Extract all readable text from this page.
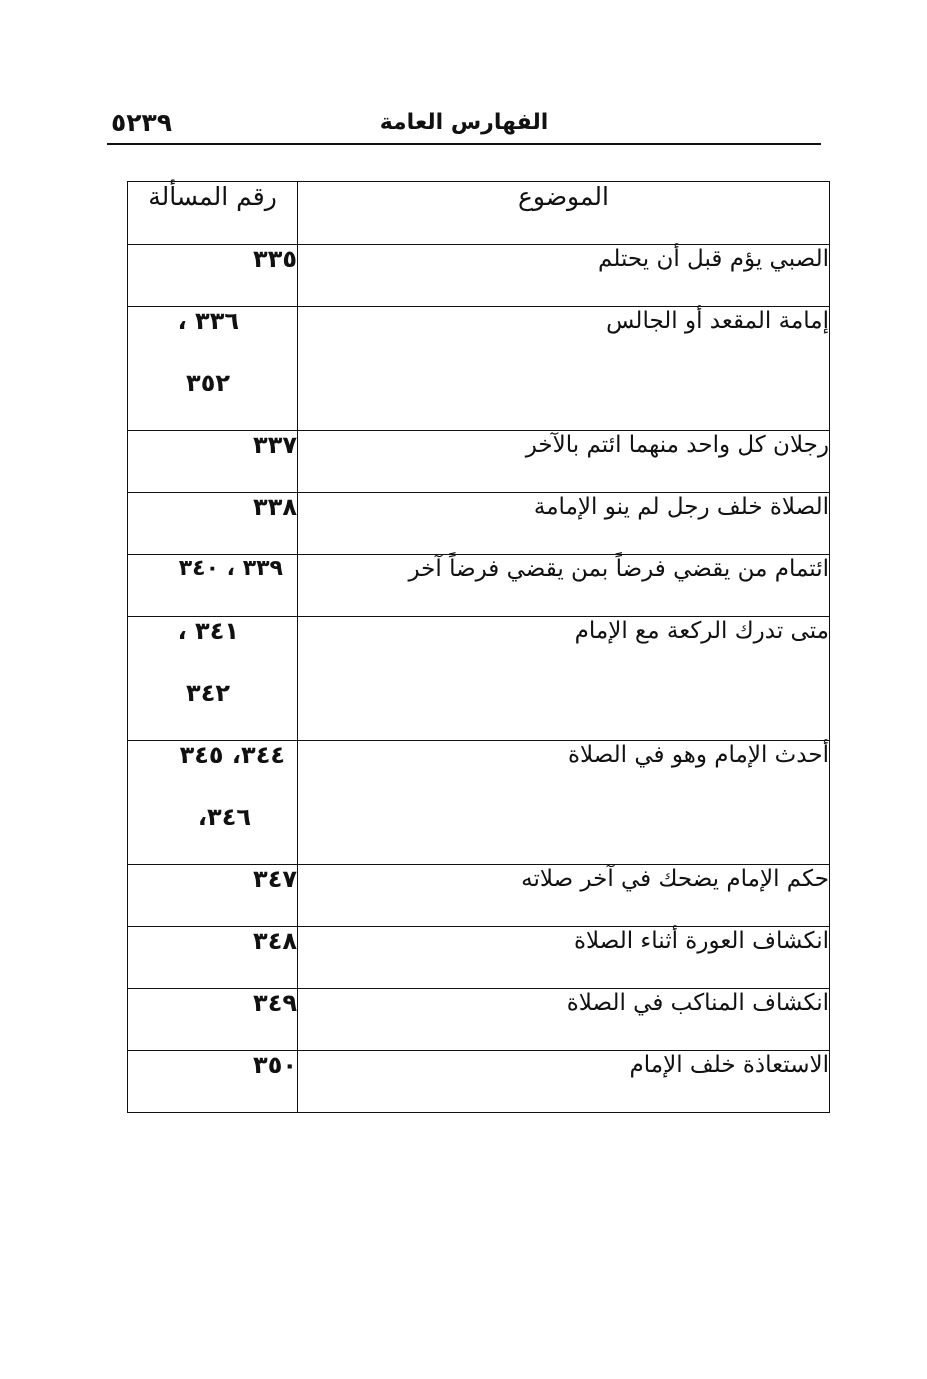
٥٢٣٩	الفهارس العامة
الموضوع	رقم المسألة
الصبي يؤم قبل أن يحتلم	٣٣٥
إمامة المقعد أو الجالس	٣٣٦ ،
٣٥٢

رجلان كل واحد منهما ائتم بالآخر	٣٣٧
الصلاة خلف رجل لم ينو الإمامة	٣٣٨
ائتمام من يقضي فرضاً بمن يقضي فرضاً آخر	٣٣٩ ، ٣٤٠
متى تدرك الركعة مع الإمام	٣٤١ ،
٣٤٢

أحدث الإمام وهو في الصلاة	٣٤٤، ٣٤٥
٣٤٦،

حكم الإمام يضحك في آخر صلاته	٣٤٧
انكشاف العورة أثناء الصلاة	٣٤٨
انكشاف المناكب في الصلاة	٣٤٩
الاستعاذة خلف الإمام	٣٥٠
